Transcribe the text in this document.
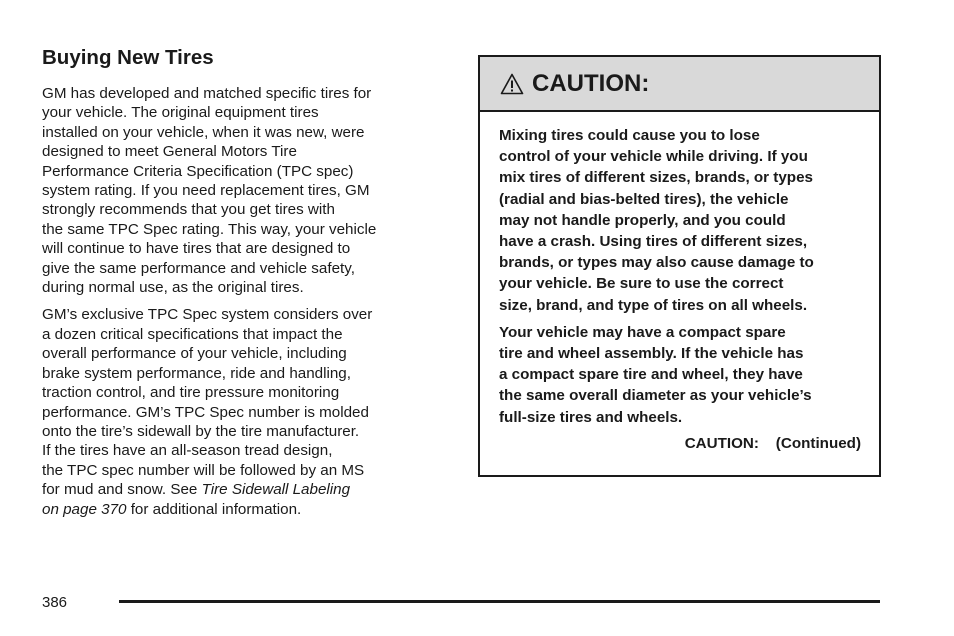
Buying New Tires

GM has developed and matched specific tires for
your vehicle. The original equipment tires
installed on your vehicle, when it was new, were
designed to meet General Motors Tire
Performance Criteria Specification (TPC spec)
system rating. If you need replacement tires, GM
strongly recommends that you get tires with
the same TPC Spec rating. This way, your vehicle
will continue to have tires that are designed to
give the same performance and vehicle safety,
during normal use, as the original tires.

GM’s exclusive TPC Spec system considers over
a dozen critical specifications that impact the
overall performance of your vehicle, including
brake system performance, ride and handling,
traction control, and tire pressure monitoring
performance. GM’s TPC Spec number is molded
onto the tire’s sidewall by the tire manufacturer.
If the tires have an all-season tread design,
the TPC spec number will be followed by an MS
for mud and snow. See Tire Sidewall Labeling
on page 370 for additional information.

CAUTION:

Mixing tires could cause you to lose
control of your vehicle while driving. If you
mix tires of different sizes, brands, or types
(radial and bias-belted tires), the vehicle
may not handle properly, and you could
have a crash. Using tires of different sizes,
brands, or types may also cause damage to
your vehicle. Be sure to use the correct
size, brand, and type of tires on all wheels.

Your vehicle may have a compact spare
tire and wheel assembly. If the vehicle has
a compact spare tire and wheel, they have
the same overall diameter as your vehicle’s
full-size tires and wheels.

CAUTION:    (Continued)
386
